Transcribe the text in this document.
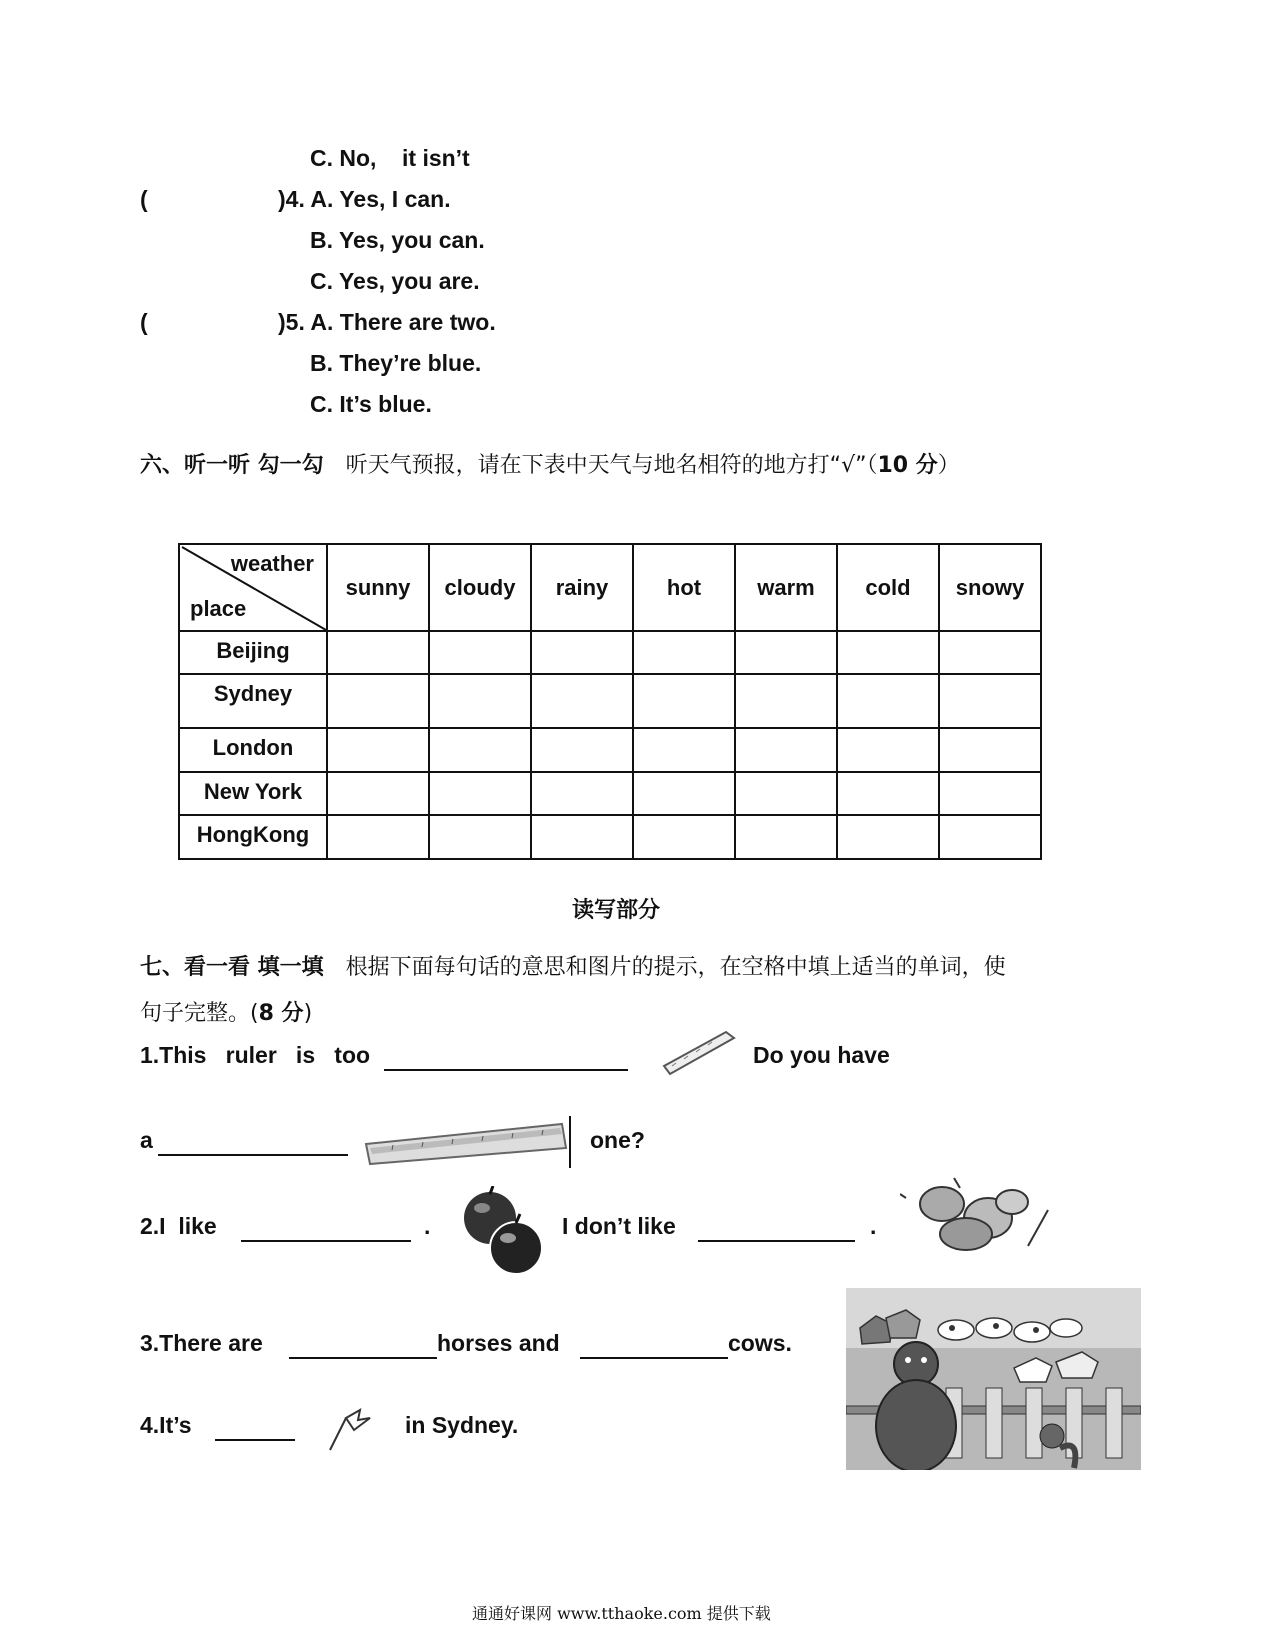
C. No,    it isn’t
(	)4. A. Yes, I can.
B. Yes, you can.
C. Yes, you are.
(	)5. A. There are two.
B. They’re blue.
C. It’s blue.
六、听一听 勾一勾 听天气预报，请在下表中天气与地名相符的地方打“√”（10 分）
weather
place	sunny	cloudy	rainy	hot	warm	cold	snowy
Beijing							
Sydney							
London							
New York							
HongKong							
读写部分
七、看一看 填一填 根据下面每句话的意思和图片的提示，在空格中填上适当的单词，使
句子完整。(8 分)
1.This   ruler   is   too	Do you have
a	one?
2.I  like	.	I don’t like	.
3.There are	horses and	cows.
4.It’s	in Sydney.
通通好课网 www.tthaoke.com 提供下载
